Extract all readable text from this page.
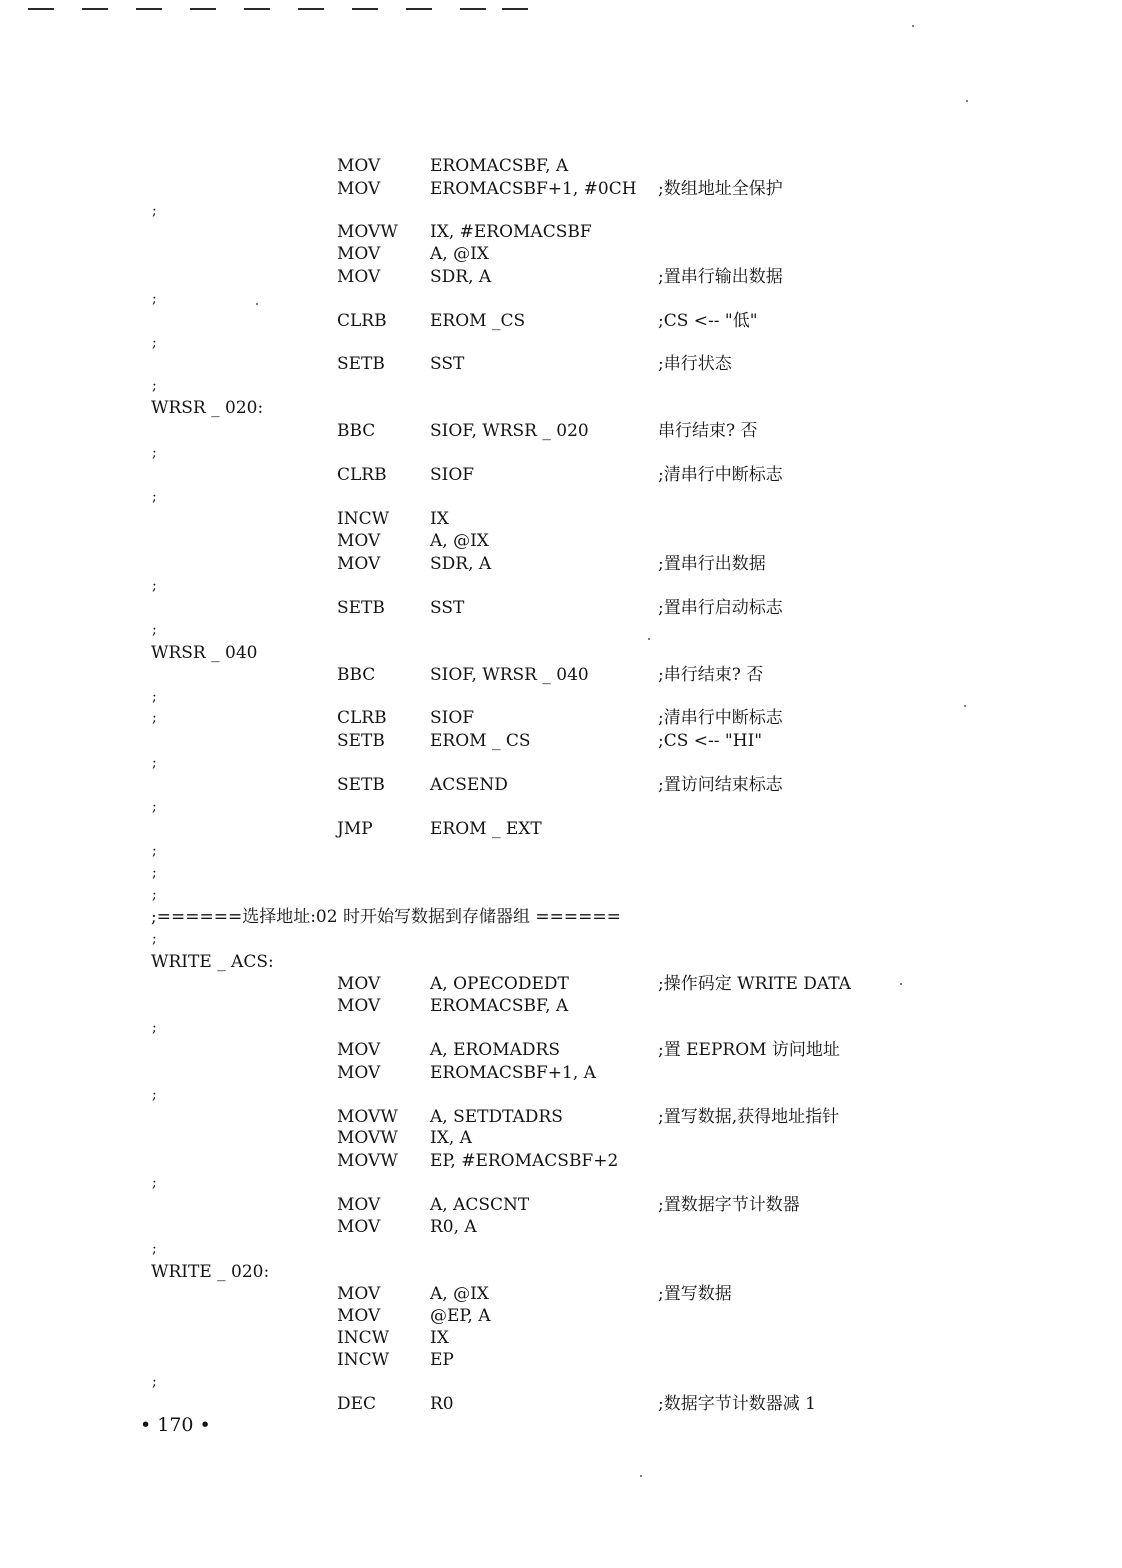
MOV	EROMACSBF, A
MOV	EROMACSBF+1, #0CH ;数组地址全保护
;
MOVW IX, #EROMACSBF
MOV	A, @IX
MOV	SDR, A	;置串行输出数据
;
CLRB	EROM _CS	;CS <-- "低"
;
SETB	SST	;串行状态
;
WRSR _ 020:
BBC	SIOF, WRSR _ 020	串行结束? 否
;
CLRB	SIOF	;清串行中断标志
;
INCW IX
MOV	A, @IX
MOV	SDR, A	;置串行出数据
;
SETB	SST	;置串行启动标志
;
WRSR _ 040
BBC	SIOF, WRSR _ 040	;串行结束? 否
;
;	CLRB	SIOF	;清串行中断标志
SETB	EROM _ CS	;CS <-- "HI"
;
SETB	ACSEND	;置访问结束标志
;
JMP	EROM _ EXT
;
;
;
;======选择地址:02 时开始写数据到存储器组 ======
;
WRITE _ ACS:
MOV	A, OPECODEDT	;操作码定 WRITE DATA
MOV	EROMACSBF, A
;
MOV	A, EROMADRS	;置 EEPROM 访问地址
MOV	EROMACSBF+1, A
;
MOVW A, SETDTADRS	;置写数据,获得地址指针
MOVW IX, A
MOVW EP, #EROMACSBF+2
;
MOV	A, ACSCNT	;置数据字节计数器
MOV	R0, A
;
WRITE _ 020:
MOV	A, @IX	;置写数据
MOV	@EP, A
INCW IX
INCW EP
;
DEC	R0	;数据字节计数器减 1
• 170 •
